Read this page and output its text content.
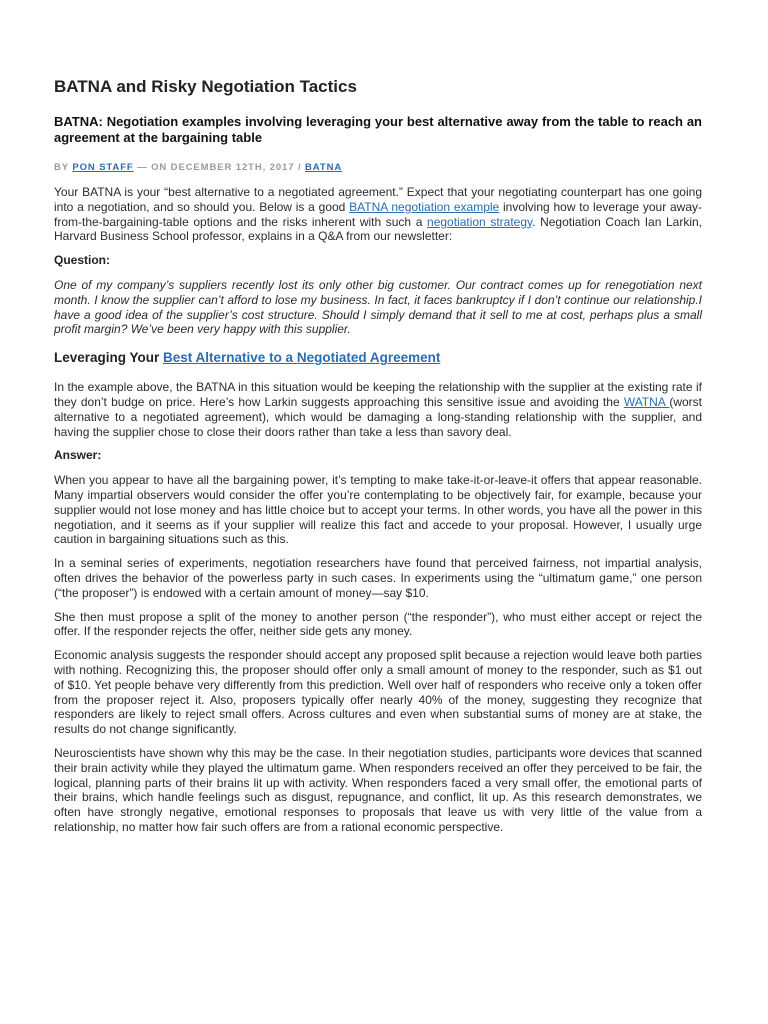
BATNA and Risky Negotiation Tactics
BATNA: Negotiation examples involving leveraging your best alternative away from the table to reach an agreement at the bargaining table
BY PON STAFF — ON DECEMBER 12TH, 2017 / BATNA

Your BATNA is your “best alternative to a negotiated agreement.” Expect that your negotiating counterpart has one going into a negotiation, and so should you. Below is a good BATNA negotiation example involving how to leverage your away-from-the-bargaining-table options and the risks inherent with such a negotiation strategy. Negotiation Coach Ian Larkin, Harvard Business School professor, explains in a Q&A from our newsletter:

Question:

One of my company’s suppliers recently lost its only other big customer. Our contract comes up for renegotiation next month. I know the supplier can’t afford to lose my business. In fact, it faces bankruptcy if I don’t continue our relationship.I have a good idea of the supplier’s cost structure. Should I simply demand that it sell to me at cost, perhaps plus a small profit margin? We’ve been very happy with this supplier.

Leveraging Your Best Alternative to a Negotiated Agreement

In the example above, the BATNA in this situation would be keeping the relationship with the supplier at the existing rate if they don’t budge on price. Here’s how Larkin suggests approaching this sensitive issue and avoiding the WATNA (worst alternative to a negotiated agreement), which would be damaging a long-standing relationship with the supplier, and having the supplier chose to close their doors rather than take a less than savory deal.

Answer:

When you appear to have all the bargaining power, it’s tempting to make take-it-or-leave-it offers that appear reasonable. Many impartial observers would consider the offer you’re contemplating to be objectively fair, for example, because your supplier would not lose money and has little choice but to accept your terms. In other words, you have all the power in this negotiation, and it seems as if your supplier will realize this fact and accede to your proposal. However, I usually urge caution in bargaining situations such as this.

In a seminal series of experiments, negotiation researchers have found that perceived fairness, not impartial analysis, often drives the behavior of the powerless party in such cases. In experiments using the “ultimatum game,” one person (“the proposer”) is endowed with a certain amount of money—say $10.

She then must propose a split of the money to another person (“the responder”), who must either accept or reject the offer. If the responder rejects the offer, neither side gets any money.

Economic analysis suggests the responder should accept any proposed split because a rejection would leave both parties with nothing. Recognizing this, the proposer should offer only a small amount of money to the responder, such as $1 out of $10. Yet people behave very differently from this prediction. Well over half of responders who receive only a token offer from the proposer reject it. Also, proposers typically offer nearly 40% of the money, suggesting they recognize that responders are likely to reject small offers. Across cultures and even when substantial sums of money are at stake, the results do not change significantly.

Neuroscientists have shown why this may be the case. In their negotiation studies, participants wore devices that scanned their brain activity while they played the ultimatum game. When responders received an offer they perceived to be fair, the logical, planning parts of their brains lit up with activity. When responders faced a very small offer, the emotional parts of their brains, which handle feelings such as disgust, repugnance, and conflict, lit up. As this research demonstrates, we often have strongly negative, emotional responses to proposals that leave us with very little of the value from a relationship, no matter how fair such offers are from a rational economic perspective.
